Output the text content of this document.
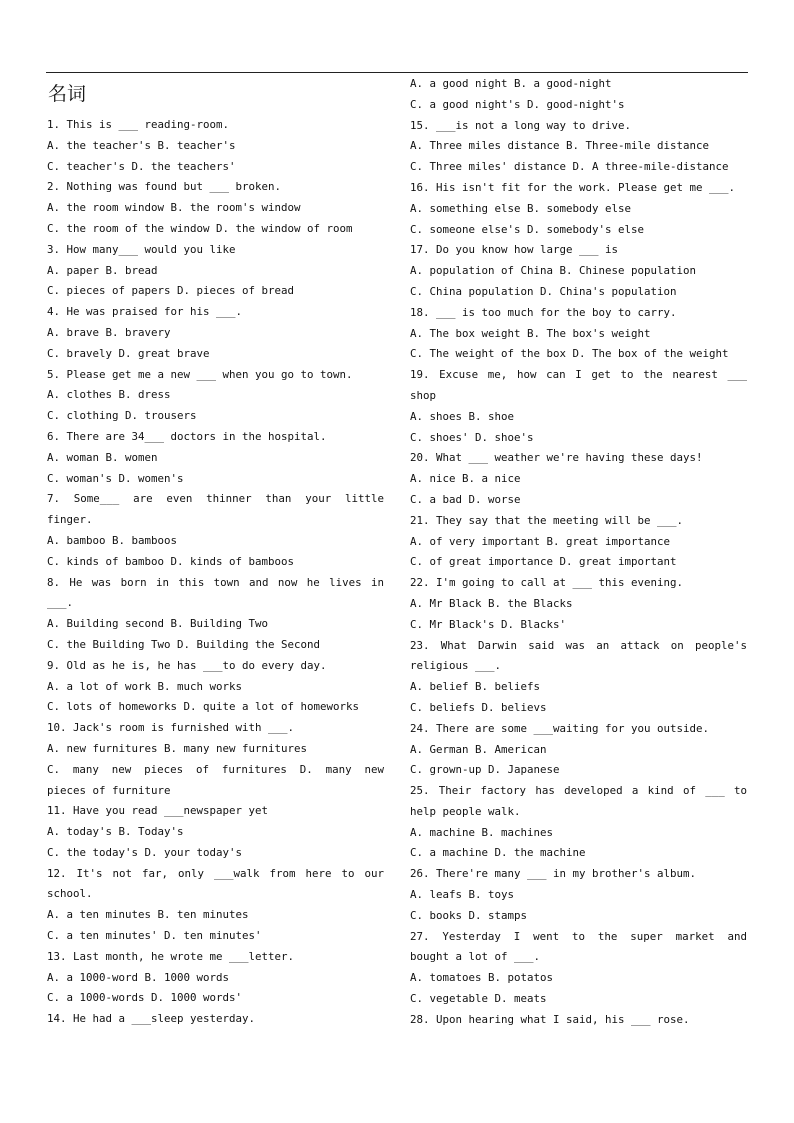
名词
1. This is ___ reading-room.
A. the teacher's B. teacher's
C. teacher's D. the teachers'
2. Nothing was found but ___ broken.
A. the room window B. the room's window
C. the room of the window D. the window of room
3. How many___ would you like
A. paper B. bread
C. pieces of papers D. pieces of bread
4. He was praised for his ___.
A. brave B. bravery
C. bravely D. great brave
5. Please get me a new ___ when you go to town.
A. clothes B. dress
C. clothing D. trousers
6. There are 34___ doctors in the hospital.
A. woman B. women
C. woman's D. women's
7. Some___ are even thinner than your little
finger.
A. bamboo B. bamboos
C. kinds of bamboo D. kinds of bamboos
8. He was born in this town and now he lives in
___.
A. Building second B. Building Two
C. the Building Two D. Building the Second
9. Old as he is, he has ___to do every day.
A. a lot of work B. much works
C. lots of homeworks D. quite a lot of homeworks
10. Jack's room is furnished with ___.
A. new furnitures B. many new furnitures
C. many new pieces of furnitures D. many new
pieces of furniture
11. Have you read ___newspaper yet
A. today's B. Today's
C. the today's D. your today's
12. It's not far, only ___walk from here to our
school.
A. a ten minutes B. ten minutes
C. a ten minutes' D. ten minutes'
13. Last month, he wrote me ___letter.
A. a 1000-word B. 1000 words
C. a 1000-words D. 1000 words'
14. He had a ___sleep yesterday.
A. a good night B. a good-night
C. a good night's D. good-night's
15. ___is not a long way to drive.
A. Three miles distance B. Three-mile distance
C. Three miles' distance D. A three-mile-distance
16. His isn't fit for the work. Please get me ___.
A. something else B. somebody else
C. someone else's D. somebody's else
17. Do you know how large ___ is
A. population of China B. Chinese population
C. China population D. China's population
18. ___ is too much for the boy to carry.
A. The box weight B. The box's weight
C. The weight of the box D. The box of the weight
19. Excuse me, how can I get to the nearest ___
shop
A. shoes B. shoe
C. shoes' D. shoe's
20. What ___ weather we're having these days!
A. nice B. a nice
C. a bad D. worse
21. They say that the meeting will be ___.
A. of very important B. great importance
C. of great importance D. great important
22. I'm going to call at ___ this evening.
A. Mr Black B. the Blacks
C. Mr Black's D. Blacks'
23. What Darwin said was an attack on people's
religious ___.
A. belief B. beliefs
C. beliefs D. believs
24. There are some ___waiting for you outside.
A. German B. American
C. grown-up D. Japanese
25. Their factory has developed a kind of ___ to
help people walk.
A. machine B. machines
C. a machine D. the machine
26. There're many ___ in my brother's album.
A. leafs B. toys
C. books D. stamps
27. Yesterday I went to the super market and
bought a lot of ___.
A. tomatoes B. potatos
C. vegetable D. meats
28. Upon hearing what I said, his ___ rose.
